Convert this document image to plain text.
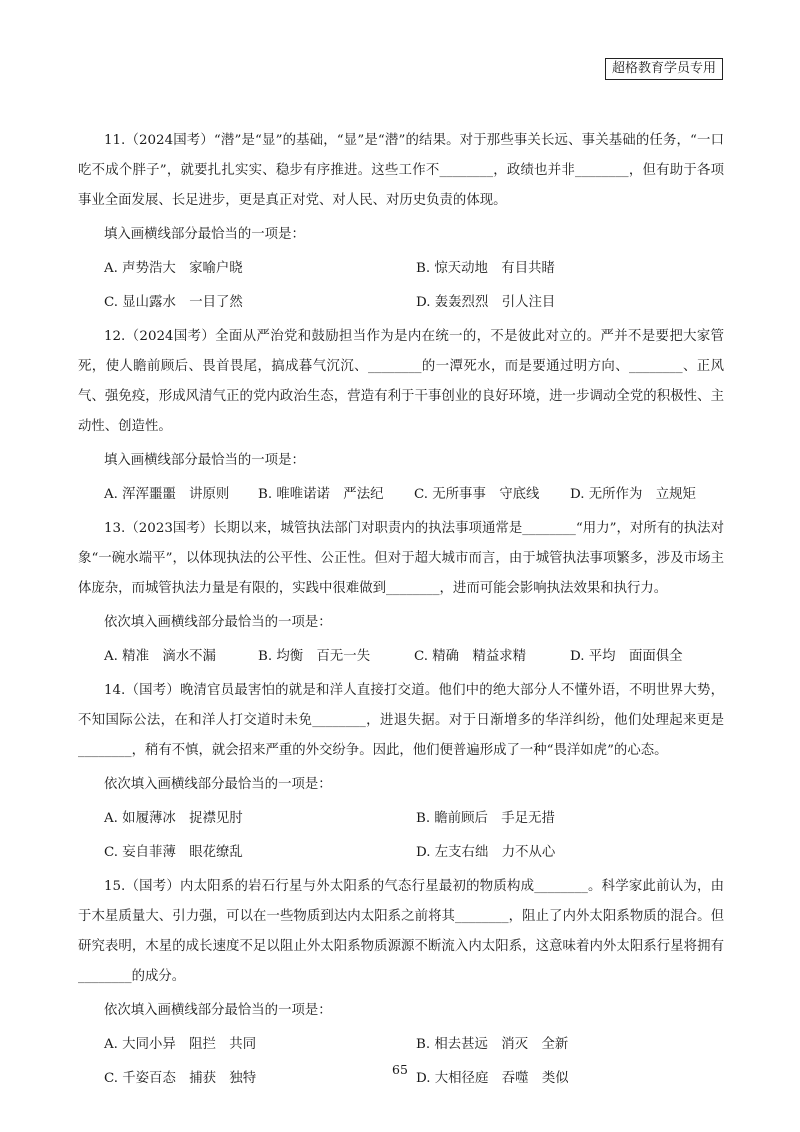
超格教育学员专用

11.（2024国考）“潜”是“显”的基础，“显”是“潜”的结果。对于那些事关长远、事关基础的任务，“一口吃不成个胖子”，就要扎扎实实、稳步有序推进。这些工作不________，政绩也并非________，但有助于各项事业全面发展、长足进步，更是真正对党、对人民、对历史负责的体现。

填入画横线部分最恰当的一项是：

A. 声势浩大　家喻户晓	B. 惊天动地　有目共睹
C. 显山露水　一目了然	D. 轰轰烈烈　引人注目

12.（2024国考）全面从严治党和鼓励担当作为是内在统一的，不是彼此对立的。严并不是要把大家管死，使人瞻前顾后、畏首畏尾，搞成暮气沉沉、________的一潭死水，而是要通过明方向、________、正风气、强免疫，形成风清气正的党内政治生态，营造有利于干事创业的良好环境，进一步调动全党的积极性、主动性、创造性。

填入画横线部分最恰当的一项是：

A. 浑浑噩噩　讲原则 B. 唯唯诺诺　严法纪 C. 无所事事　守底线 D. 无所作为　立规矩

13.（2023国考）长期以来，城管执法部门对职责内的执法事项通常是________“用力”，对所有的执法对象“一碗水端平”，以体现执法的公平性、公正性。但对于超大城市而言，由于城管执法事项繁多，涉及市场主体庞杂，而城管执法力量是有限的，实践中很难做到________，进而可能会影响执法效果和执行力。

依次填入画横线部分最恰当的一项是：

A. 精准　滴水不漏	B. 均衡　百无一失	C. 精确　精益求精	D. 平均　面面俱全

14.（国考）晚清官员最害怕的就是和洋人直接打交道。他们中的绝大部分人不懂外语，不明世界大势，不知国际公法，在和洋人打交道时未免________，进退失据。对于日渐增多的华洋纠纷，他们处理起来更是________，稍有不慎，就会招来严重的外交纷争。因此，他们便普遍形成了一种“畏洋如虎”的心态。

依次填入画横线部分最恰当的一项是：

A. 如履薄冰　捉襟见肘	B. 瞻前顾后　手足无措
C. 妄自菲薄　眼花缭乱	D. 左支右绌　力不从心

15.（国考）内太阳系的岩石行星与外太阳系的气态行星最初的物质构成________。科学家此前认为，由于木星质量大、引力强，可以在一些物质到达内太阳系之前将其________，阻止了内外太阳系物质的混合。但研究表明，木星的成长速度不足以阻止外太阳系物质源源不断流入内太阳系，这意味着内外太阳系行星将拥有________的成分。

依次填入画横线部分最恰当的一项是：

A. 大同小异　阻拦　共同	B. 相去甚远　消灭　全新
C. 千姿百态　捕获　独特	D. 大相径庭　吞噬　类似
65
